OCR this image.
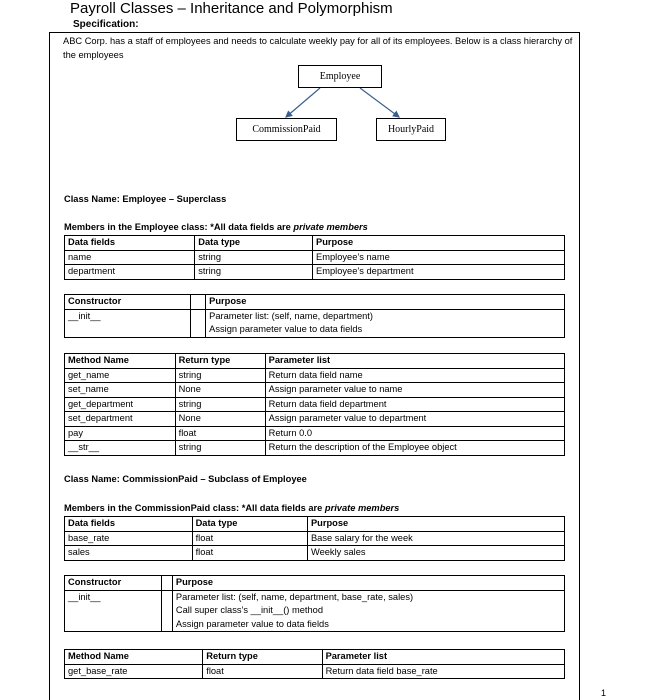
Payroll Classes – Inheritance and Polymorphism
Specification:
ABC Corp. has a staff of employees and needs to calculate weekly pay for all of its employees. Below is a class hierarchy of the employees
Employee
CommissionPaid	HourlyPaid
Class Name: Employee – Superclass
Members in the Employee class: *All data fields are private members
Data fields	Data type	Purpose
name	string	Employee’s name
department	string	Employee’s department
Constructor		Purpose
__init__		Parameter list: (self, name, department)
Assign parameter value to data fields
Method Name	Return type	Parameter list
get_name	string	Return data field name
set_name	None	Assign parameter value to name
get_department	string	Return data field department
set_department	None	Assign parameter value to department
pay	float	Return 0.0
__str__	string	Return the description of the Employee object
Class Name: CommissionPaid – Subclass of Employee
Members in the CommissionPaid class: *All data fields are private members
Data fields	Data type	Purpose
base_rate	float	Base salary for the week
sales	float	Weekly sales
Constructor		Purpose
__init__		Parameter list: (self, name, department, base_rate, sales)
Call super class’s __init__() method
Assign parameter value to data fields
Method Name	Return type	Parameter list
get_base_rate	float	Return data field base_rate
1
